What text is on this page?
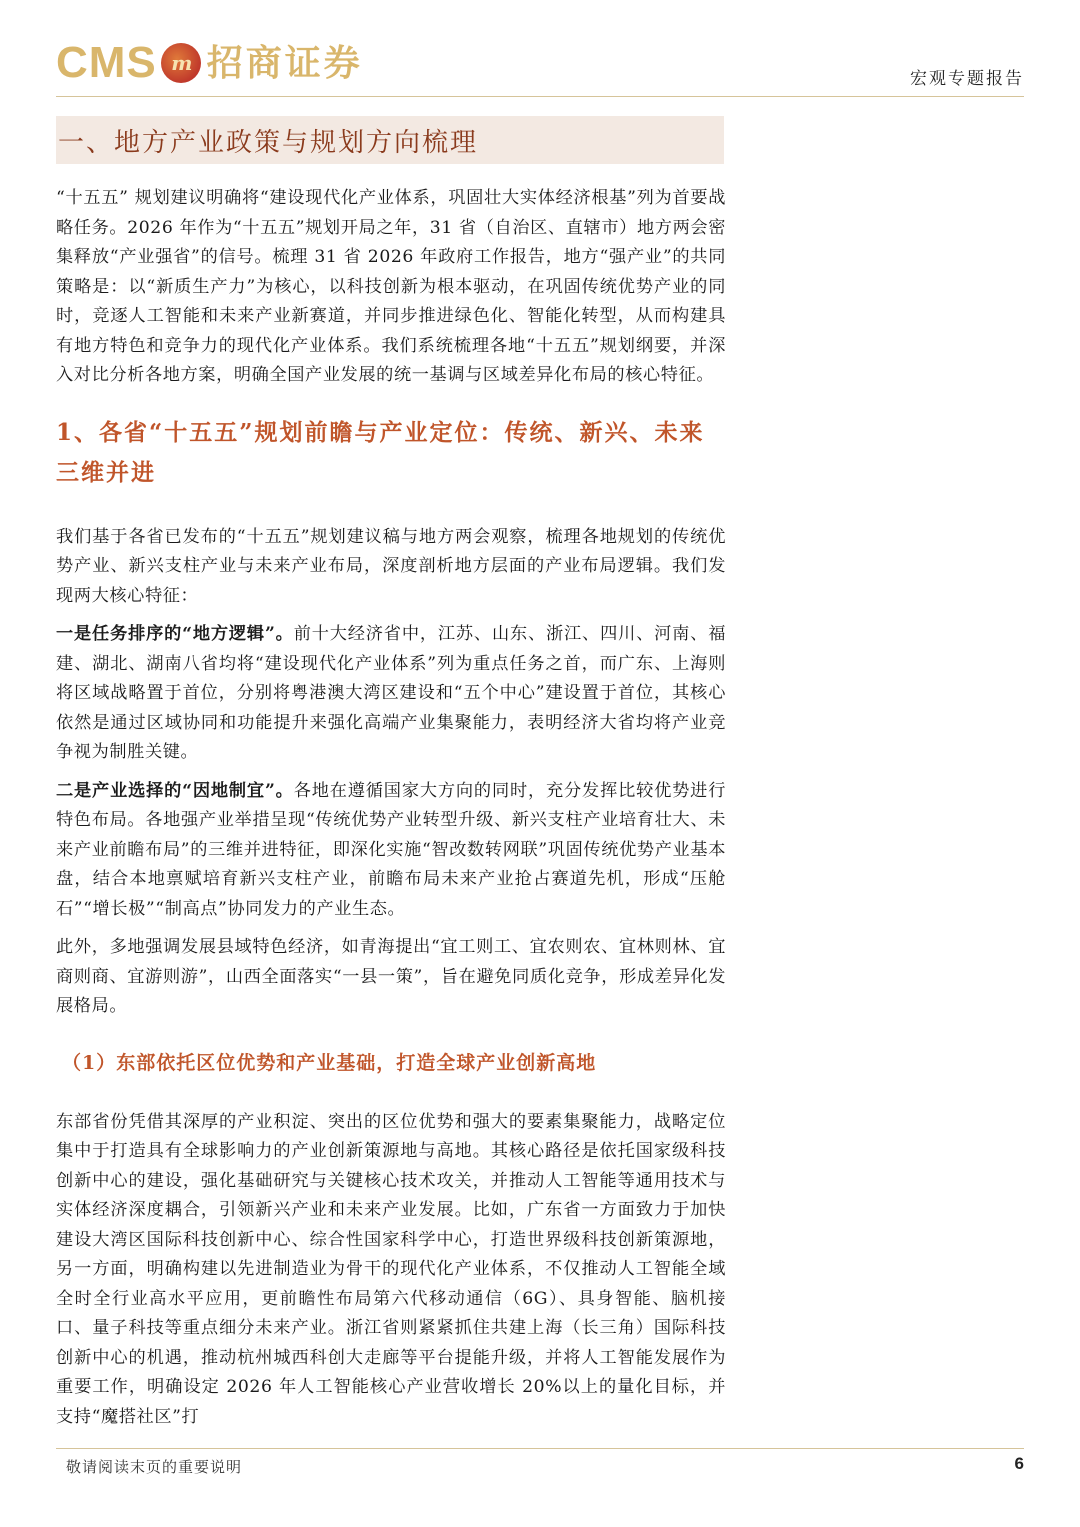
CMS m 招商证券	宏观专题报告
一、地方产业政策与规划方向梳理

“十五五” 规划建议明确将“建设现代化产业体系，巩固壮大实体经济根基”列为首要战略任务。2026 年作为“十五五”规划开局之年，31 省（自治区、直辖市）地方两会密集释放“产业强省”的信号。梳理 31 省 2026 年政府工作报告，地方“强产业”的共同策略是：以“新质生产力”为核心，以科技创新为根本驱动，在巩固传统优势产业的同时，竞逐人工智能和未来产业新赛道，并同步推进绿色化、智能化转型，从而构建具有地方特色和竞争力的现代化产业体系。我们系统梳理各地“十五五”规划纲要，并深入对比分析各地方案，明确全国产业发展的统一基调与区域差异化布局的核心特征。

1、各省“十五五”规划前瞻与产业定位：传统、新兴、未来三维并进

我们基于各省已发布的“十五五”规划建议稿与地方两会观察，梳理各地规划的传统优势产业、新兴支柱产业与未来产业布局，深度剖析地方层面的产业布局逻辑。我们发现两大核心特征：

一是任务排序的“地方逻辑”。前十大经济省中，江苏、山东、浙江、四川、河南、福建、湖北、湖南八省均将“建设现代化产业体系”列为重点任务之首，而广东、上海则将区域战略置于首位，分别将粤港澳大湾区建设和“五个中心”建设置于首位，其核心依然是通过区域协同和功能提升来强化高端产业集聚能力，表明经济大省均将产业竞争视为制胜关键。

二是产业选择的“因地制宜”。各地在遵循国家大方向的同时，充分发挥比较优势进行特色布局。各地强产业举措呈现“传统优势产业转型升级、新兴支柱产业培育壮大、未来产业前瞻布局”的三维并进特征，即深化实施“智改数转网联”巩固传统优势产业基本盘，结合本地禀赋培育新兴支柱产业，前瞻布局未来产业抢占赛道先机，形成“压舱石”“增长极”“制高点”协同发力的产业生态。

此外，多地强调发展县域特色经济，如青海提出“宜工则工、宜农则农、宜林则林、宜商则商、宜游则游”，山西全面落实“一县一策”，旨在避免同质化竞争，形成差异化发展格局。

（1）东部依托区位优势和产业基础，打造全球产业创新高地

东部省份凭借其深厚的产业积淀、突出的区位优势和强大的要素集聚能力，战略定位集中于打造具有全球影响力的产业创新策源地与高地。其核心路径是依托国家级科技创新中心的建设，强化基础研究与关键核心技术攻关，并推动人工智能等通用技术与实体经济深度耦合，引领新兴产业和未来产业发展。比如，广东省一方面致力于加快建设大湾区国际科技创新中心、综合性国家科学中心，打造世界级科技创新策源地，另一方面，明确构建以先进制造业为骨干的现代化产业体系，不仅推动人工智能全域全时全行业高水平应用，更前瞻性布局第六代移动通信（6G）、具身智能、脑机接口、量子科技等重点细分未来产业。浙江省则紧紧抓住共建上海（长三角）国际科技创新中心的机遇，推动杭州城西科创大走廊等平台提能升级，并将人工智能发展作为重要工作，明确设定 2026 年人工智能核心产业营收增长 20%以上的量化目标，并支持“魔搭社区”打

敬请阅读末页的重要说明	6
